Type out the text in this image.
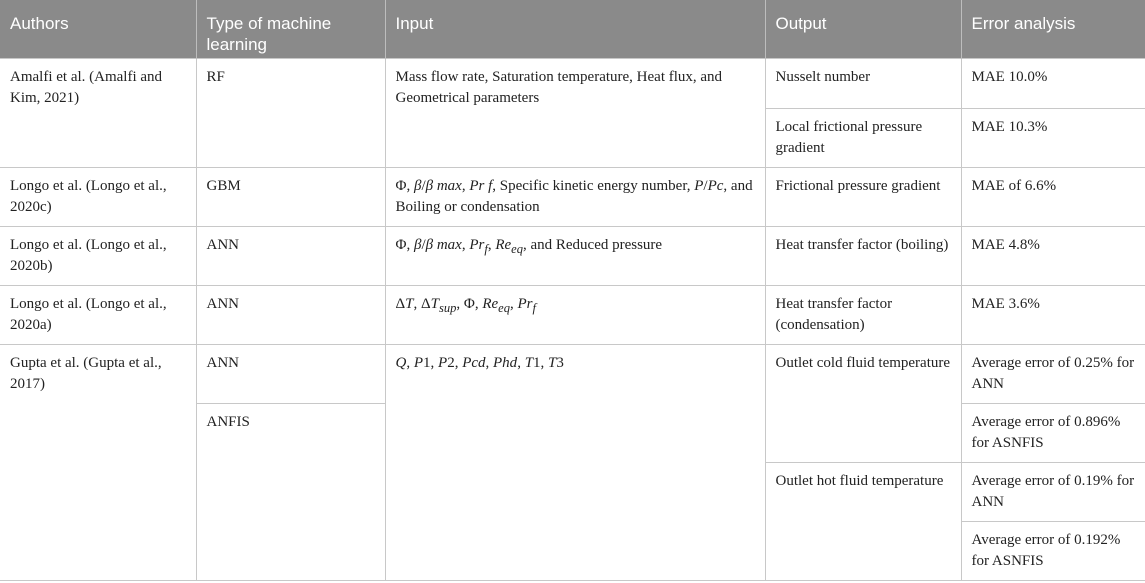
Authors	Type of machine learning	Input	Output	Error analysis
Amalfi et al. (Amalfi and Kim, 2021)	RF	Mass flow rate, Saturation temperature, Heat flux, and Geometrical parameters	Nusselt number	MAE 10.0%
			Local frictional pressure gradient	MAE 10.3%
Longo et al. (Longo et al., 2020c)	GBM	Φ, β/β max, Pr f, Specific kinetic energy number, P/Pc, and Boiling or condensation	Frictional pressure gradient	MAE of 6.6%
Longo et al. (Longo et al., 2020b)	ANN	Φ, β/β max, $Pr_f$, $Re_{eq}$, and Reduced pressure	Heat transfer factor (boiling)	MAE 4.8%
Longo et al. (Longo et al., 2020a)	ANN	ΔT, $\Delta T_{sup}$, Φ, $Re_{eq}$, $Pr_f$	Heat transfer factor (condensation)	MAE 3.6%
Gupta et al. (Gupta et al., 2017)	ANN	Q, P1, P2, Pcd, Phd, T1, T3	Outlet cold fluid temperature	Average error of 0.25% for ANN
	ANFIS			Average error of 0.896% for ASNFIS
			Outlet hot fluid temperature	Average error of 0.19% for ANN
				Average error of 0.192% for ASNFIS
